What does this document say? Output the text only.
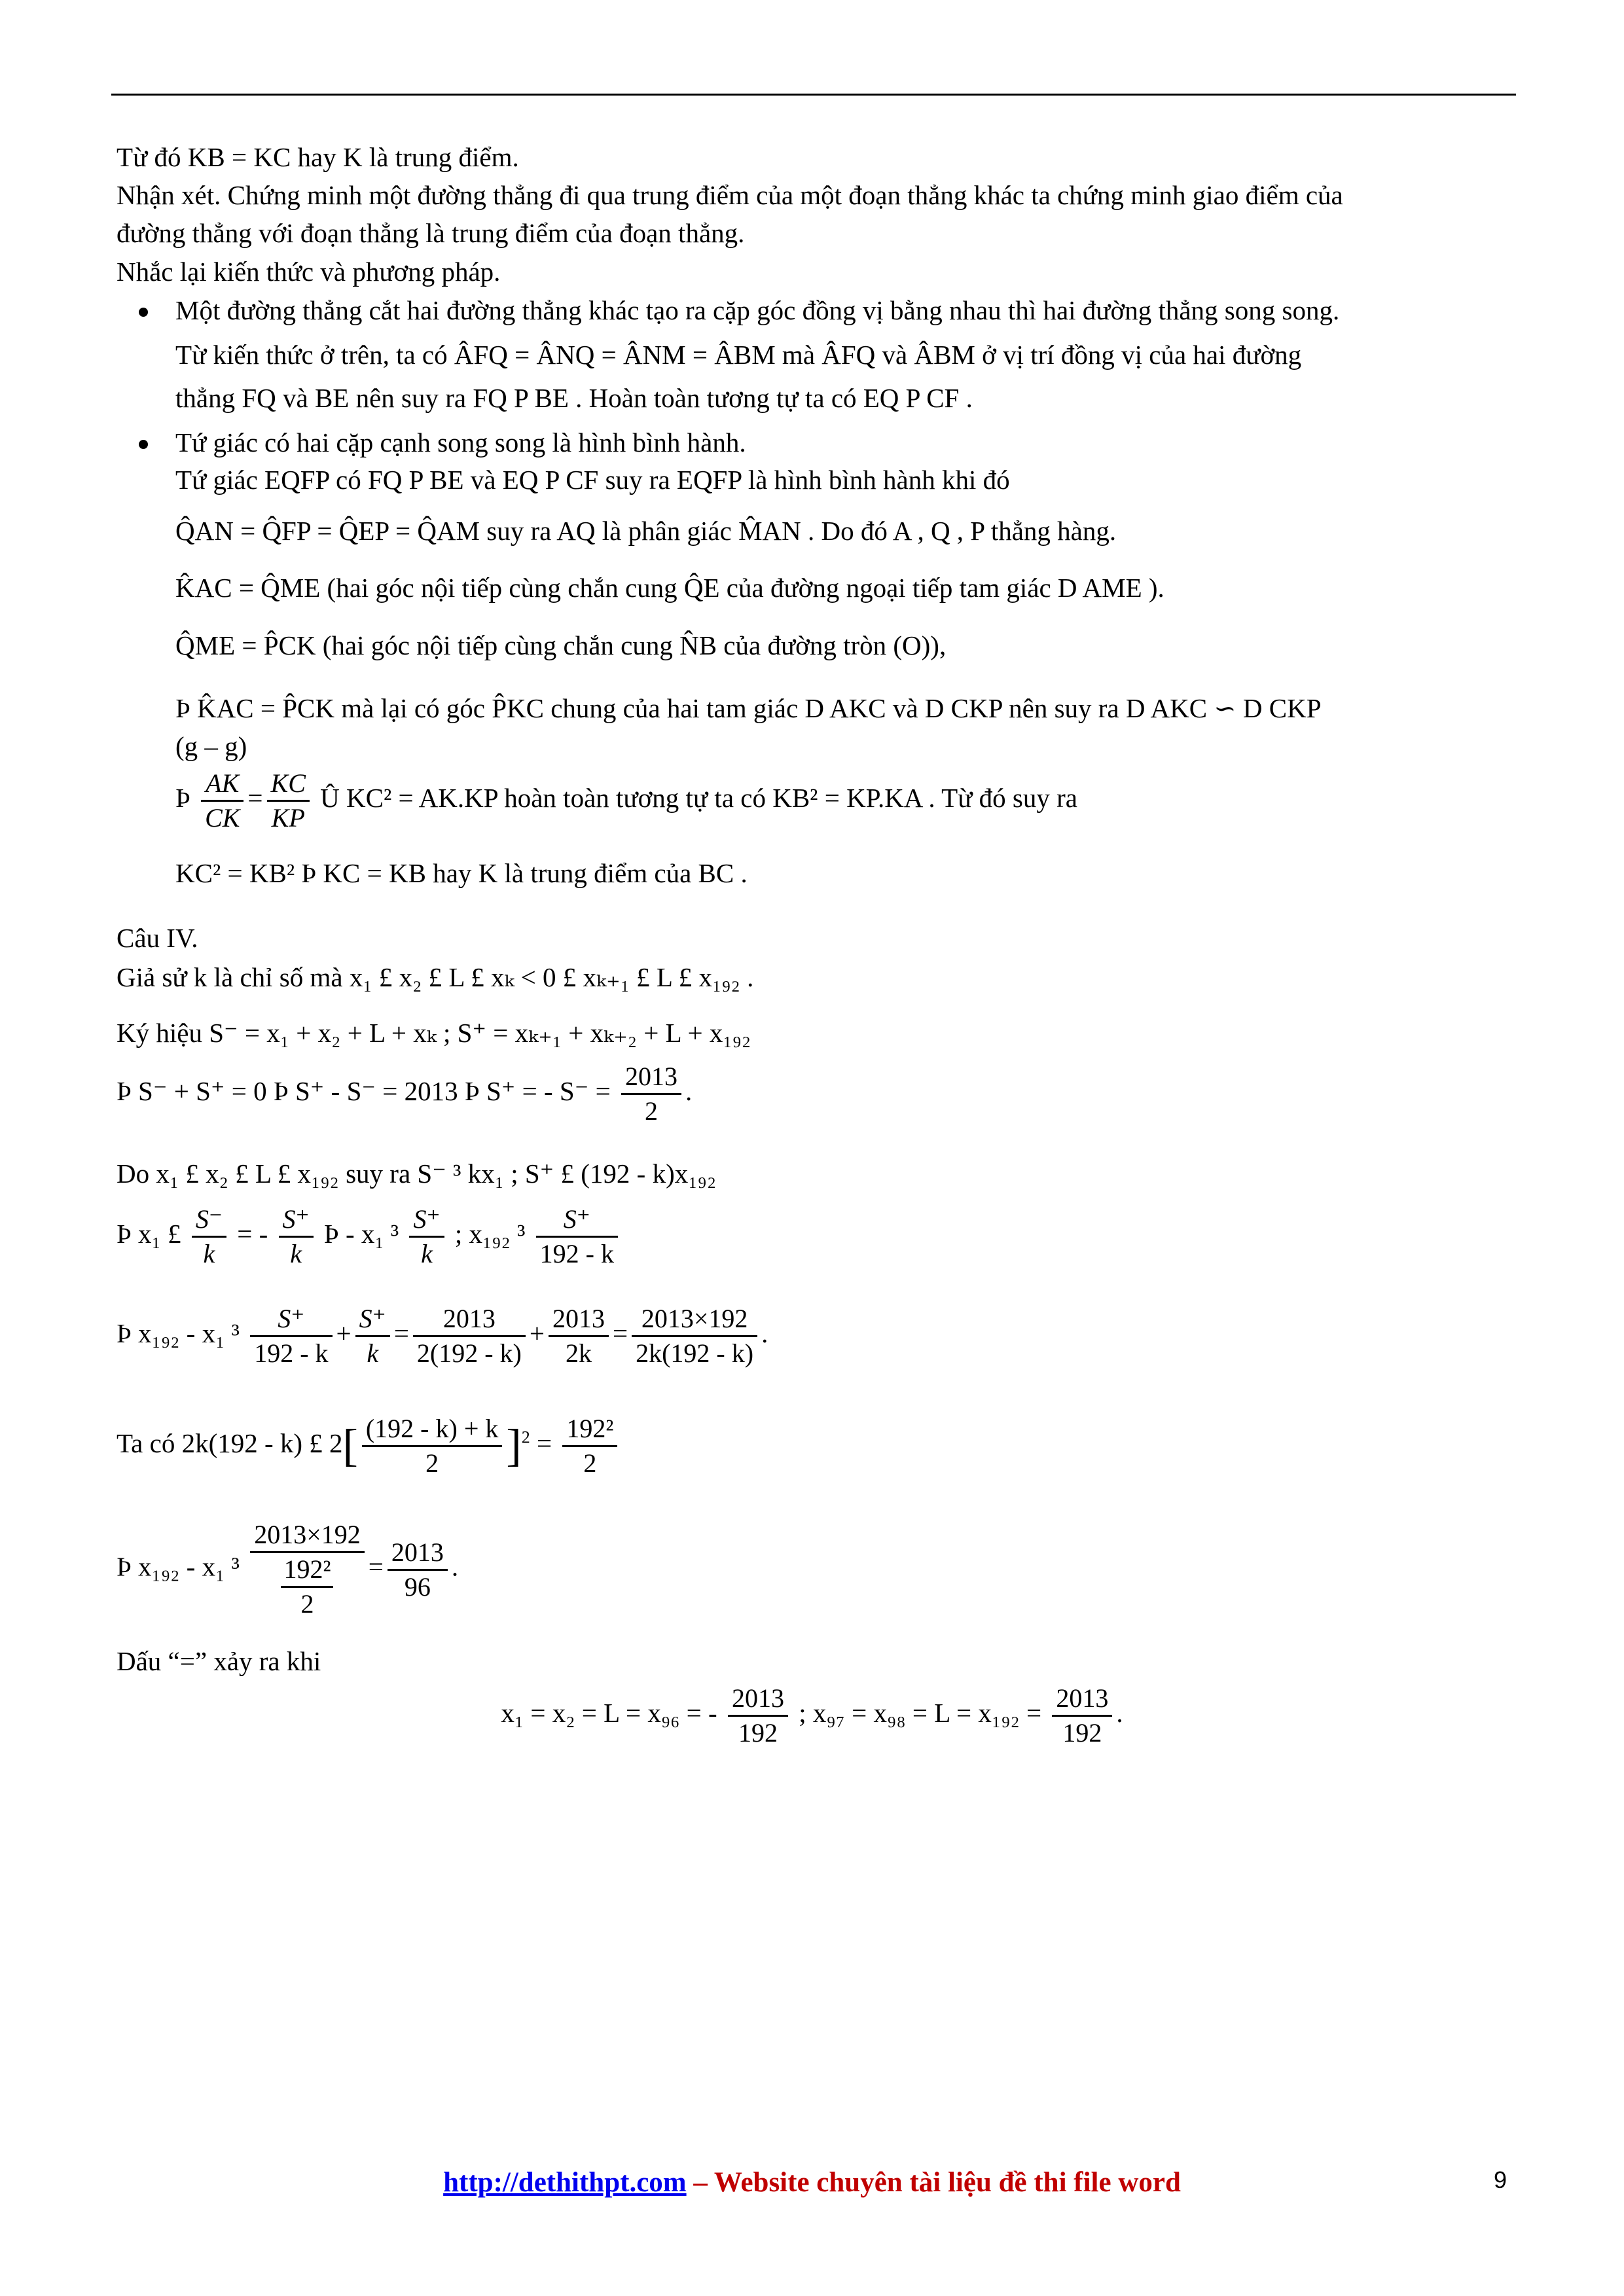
Từ đó KB = KC hay K là trung điểm.
Nhận xét. Chứng minh một đường thẳng đi qua trung điểm của một đoạn thẳng khác ta chứng minh giao điểm của
đường thẳng với đoạn thẳng là trung điểm của đoạn thẳng.
Nhắc lại kiến thức và phương pháp.
Một đường thẳng cắt hai đường thẳng khác tạo ra cặp góc đồng vị bằng nhau thì hai đường thẳng song song.
Từ kiến thức ở trên, ta có ÂFQ = ÂNQ = ÂNM = ÂBM mà ÂFQ và ÂBM ở vị trí đồng vị của hai đường
thẳng FQ và BE nên suy ra FQ P BE . Hoàn toàn tương tự ta có EQ P CF .
Tứ giác có hai cặp cạnh song song là hình bình hành.
Tứ giác EQFP có FQ P BE và EQ P CF suy ra EQFP là hình bình hành khi đó
Q̂AN = Q̂FP = Q̂EP = Q̂AM suy ra AQ là phân giác M̂AN . Do đó A , Q , P thẳng hàng.
K̂AC = Q̂ME (hai góc nội tiếp cùng chắn cung Q̂E của đường ngoại tiếp tam giác D AME ).
Q̂ME = P̂CK (hai góc nội tiếp cùng chắn cung N̂B của đường tròn (O)),
Þ K̂AC = P̂CK mà lại có góc P̂KC chung của hai tam giác D AKC và D CKP nên suy ra D AKC ∽ D CKP
(g – g)
Þ $\frac{AK}{CK} = \frac{KC}{KP}$ Û KC² = AK.KP hoàn toàn tương tự ta có KB² = KP.KA . Từ đó suy ra
KC² = KB² Þ KC = KB hay K là trung điểm của BC .
Câu IV.
Giả sử k là chỉ số mà x₁ £ x₂ £ L £ xₖ < 0 £ xₖ₊₁ £ L £ x₁₉₂ .
Ký hiệu S⁻ = x₁ + x₂ + L + xₖ ; S⁺ = xₖ₊₁ + xₖ₊₂ + L + x₁₉₂
Þ S⁻ + S⁺ = 0 Þ S⁺ - S⁻ = 2013 Þ S⁺ = - $S^- = \frac{2013}{2}$ .
Do x₁ £ x₂ £ L £ x₁₉₂ suy ra S⁻ ³ kx₁ ; S⁺ £ (192 - k)x₁₉₂
Þ x₁ £ $\frac{S^-}{k}$ = - $\frac{S^+}{k}$ Þ - x₁ $^3 \frac{S^+}{k}$ ; x₁₉₂ $^3 \frac{S^+}{192 - k}$
Þ x₁₉₂ - x₁ $^3 \frac{S^+}{192 - k} + \frac{S^+}{k} = \frac{2013}{2(192 - k)} + \frac{2013}{2k} = \frac{2013\times 192}{2k(192 - k)}$ .
Ta có 2k(192 - k) £ $2[ \frac{(192 - k) + k}{2} ]^2 = \frac{\text{192²}}{2}$
Þ x₁₉₂ - x₁ ³ 2013×192
192²
$2 = \frac{2013}{96}$ .
Dấu “=” xảy ra khi
x₁ = x₂ = L = x₉₆ = - $\frac{2013}{192}$ ; $x_{97} = x_{98} = L = x_{192} = \frac{2013}{192}$ .
http://dethithpt.com – Website chuyên tài liệu đề thi file word	9
